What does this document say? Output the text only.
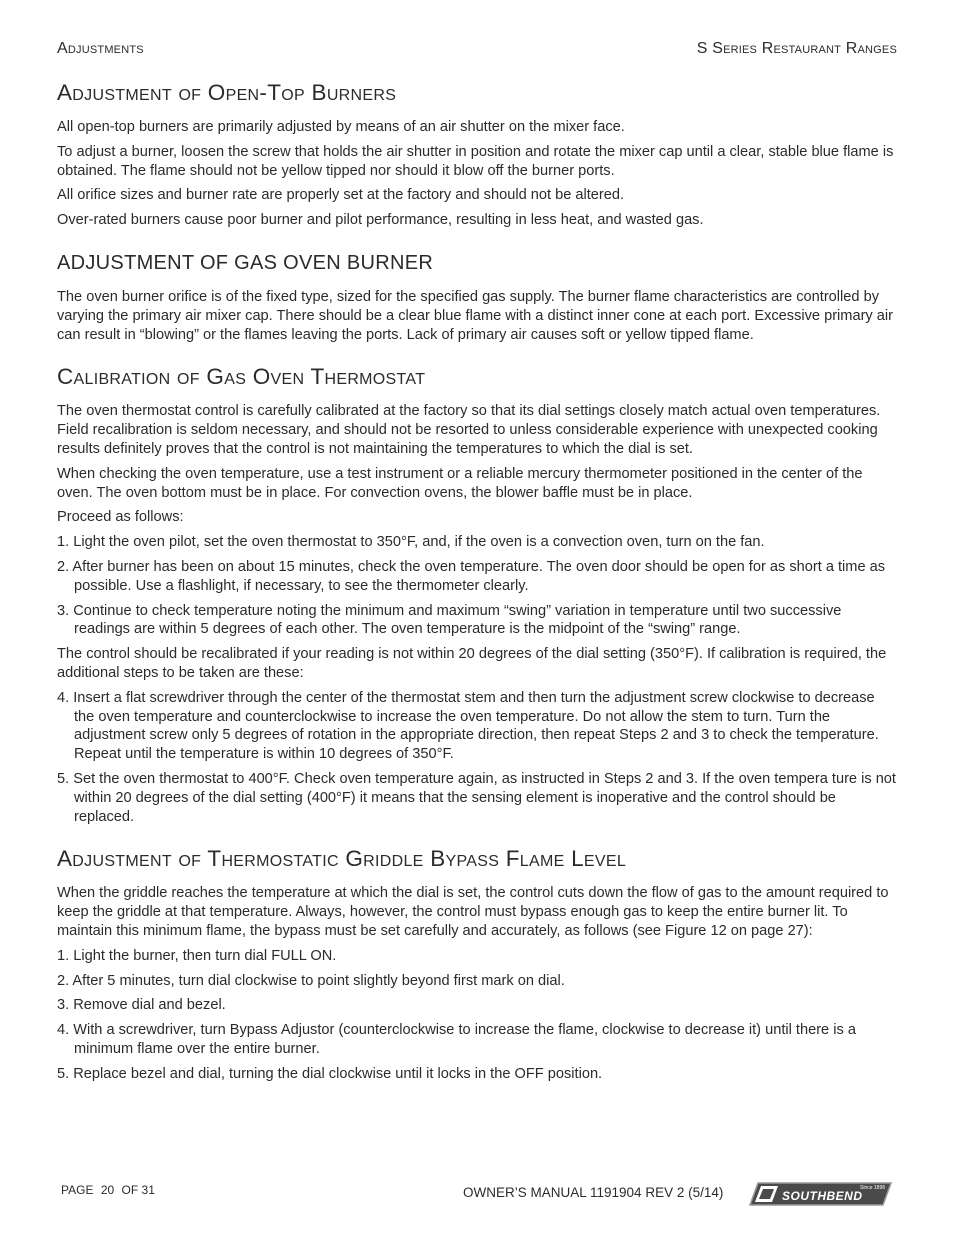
Adjustments	S Series Restaurant Ranges
Adjustment of Open-Top Burners

All open-top burners are primarily adjusted by means of an air shutter on the mixer face.

To adjust a burner, loosen the screw that holds the air shutter in position and rotate the mixer cap until a clear, stable blue flame is obtained. The flame should not be yellow tipped nor should it blow off the burner ports.

All orifice sizes and burner rate are properly set at the factory and should not be altered.

Over-rated burners cause poor burner and pilot performance, resulting in less heat, and wasted gas.

ADJUSTMENT OF GAS OVEN BURNER

The oven burner orifice is of the fixed type, sized for the specified gas supply. The burner flame characteristics are controlled by varying the primary air mixer cap. There should be a clear blue flame with a distinct inner cone at each port. Excessive primary air can result in “blowing” or the flames leaving the ports. Lack of primary air causes soft or yellow tipped flame.

Calibration of Gas Oven Thermostat

The oven thermostat control is carefully calibrated at the factory so that its dial settings closely match actual oven temperatures. Field recalibration is seldom necessary, and should not be resorted to unless considerable experience with unexpected cooking results definitely proves that the control is not maintaining the temperatures to which the dial is set.

When checking the oven temperature, use a test instrument or a reliable mercury thermometer positioned in the center of the oven. The oven bottom must be in place. For convection ovens, the blower baffle must be in place.

Proceed as follows:

1. Light the oven pilot, set the oven thermostat to 350°F, and, if the oven is a convection oven, turn on the fan.
2. After burner has been on about 15 minutes, check the oven temperature. The oven door should be open for as short a time as possible. Use a flashlight, if necessary, to see the thermometer clearly.
3. Continue to check temperature noting the minimum and maximum “swing” variation in temperature until two successive readings are within 5 degrees of each other. The oven temperature is the midpoint of the “swing” range.

The control should be recalibrated if your reading is not within 20 degrees of the dial setting (350°F). If calibration is required, the additional steps to be taken are these:

4. Insert a flat screwdriver through the center of the thermostat stem and then turn the adjustment screw clockwise to decrease the oven temperature and counterclockwise to increase the oven temperature. Do not allow the stem to turn. Turn the adjustment screw only 5 degrees of rotation in the appropriate direction, then repeat Steps 2 and 3 to check the temperature. Repeat until the temperature is within 10 degrees of 350°F.
5. Set the oven thermostat to 400°F. Check oven temperature again, as instructed in Steps 2 and 3. If the oven tempera ture is not within 20 degrees of the dial setting (400°F) it means that the sensing element is inoperative and the control should be replaced.
Adjustment of Thermostatic Griddle Bypass Flame Level

When the griddle reaches the temperature at which the dial is set, the control cuts down the flow of gas to the amount required to keep the griddle at that temperature. Always, however, the control must bypass enough gas to keep the entire burner lit. To maintain this minimum flame, the bypass must be set carefully and accurately, as follows (see Figure 12 on page 27):

1. Light the burner, then turn dial FULL ON.
2. After 5 minutes, turn dial clockwise to point slightly beyond first mark on dial.
3. Remove dial and bezel.
4. With a screwdriver, turn Bypass Adjustor (counterclockwise to increase the flame, clockwise to decrease it) until there is a minimum flame over the entire burner.
5. Replace bezel and dial, turning the dial clockwise until it locks in the OFF position.
PAGE 20 OF 31	OWNER’S MANUAL 1191904 REV 2 (5/14)	SOUTHBEND
Since 1898
